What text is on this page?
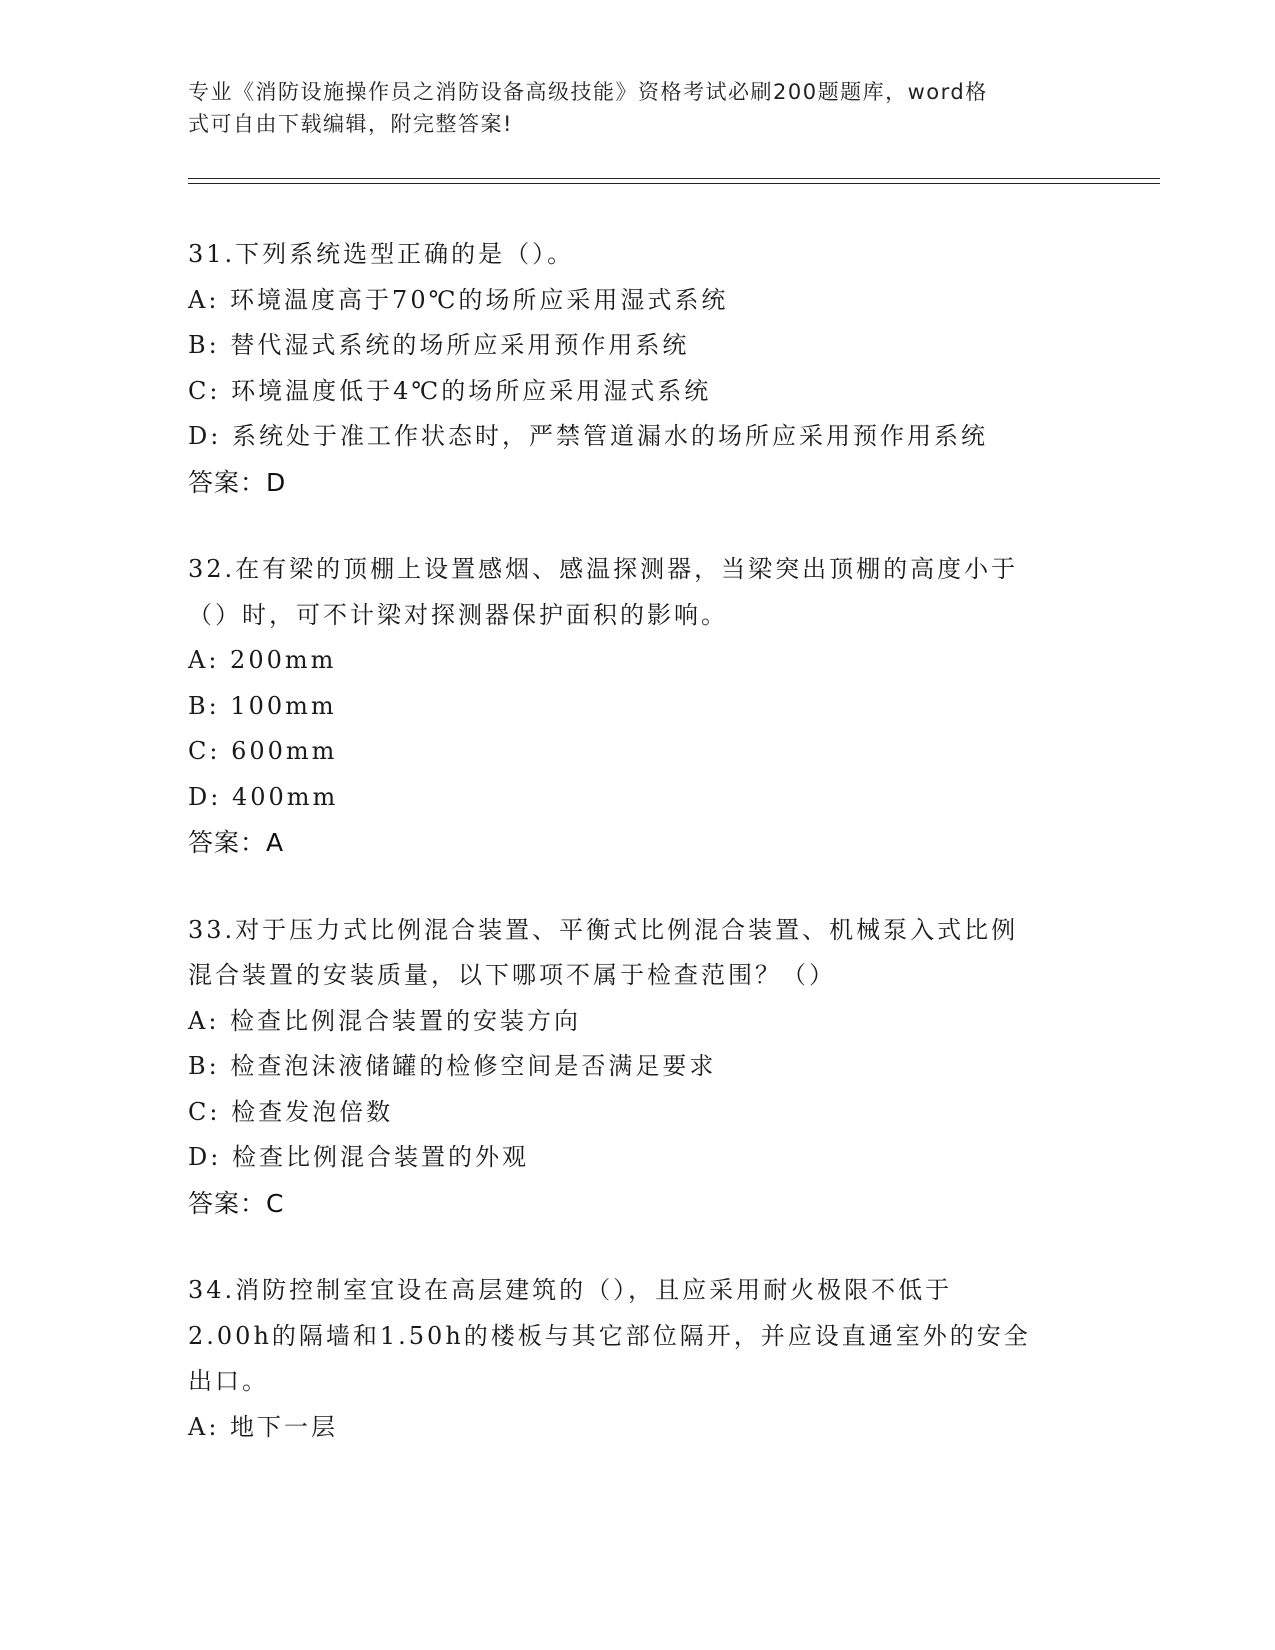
专业《消防设施操作员之消防设备高级技能》资格考试必刷200题题库，word格
式可自由下载编辑，附完整答案!
31.下列系统选型正确的是（）。
A: 环境温度高于70℃的场所应采用湿式系统
B: 替代湿式系统的场所应采用预作用系统
C: 环境温度低于4℃的场所应采用湿式系统
D: 系统处于准工作状态时，严禁管道漏水的场所应采用预作用系统
答案：D
32.在有梁的顶棚上设置感烟、感温探测器，当梁突出顶棚的高度小于
（）时，可不计梁对探测器保护面积的影响。
A: 200mm
B: 100mm
C: 600mm
D: 400mm
答案：A
33.对于压力式比例混合装置、平衡式比例混合装置、机械泵入式比例
混合装置的安装质量，以下哪项不属于检查范围？（）
A: 检查比例混合装置的安装方向
B: 检查泡沫液储罐的检修空间是否满足要求
C: 检查发泡倍数
D: 检查比例混合装置的外观
答案：C
34.消防控制室宜设在高层建筑的（），且应采用耐火极限不低于
2.00h的隔墙和1.50h的楼板与其它部位隔开，并应设直通室外的安全
出口。
A: 地下一层
